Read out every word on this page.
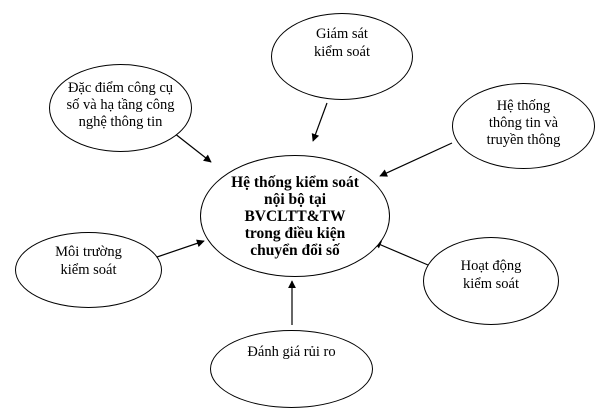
Hệ thống kiểm soát
nội bộ tại
BVCLTT&TW
trong điều kiện
chuyển đổi số
Giám sát
kiểm soát
Đặc điểm công cụ
số và hạ tầng công
nghệ thông tin
Hệ thống
thông tin và
truyền thông
Môi trường
kiểm soát	Hoạt động
kiểm soát
Đánh giá rủi ro
